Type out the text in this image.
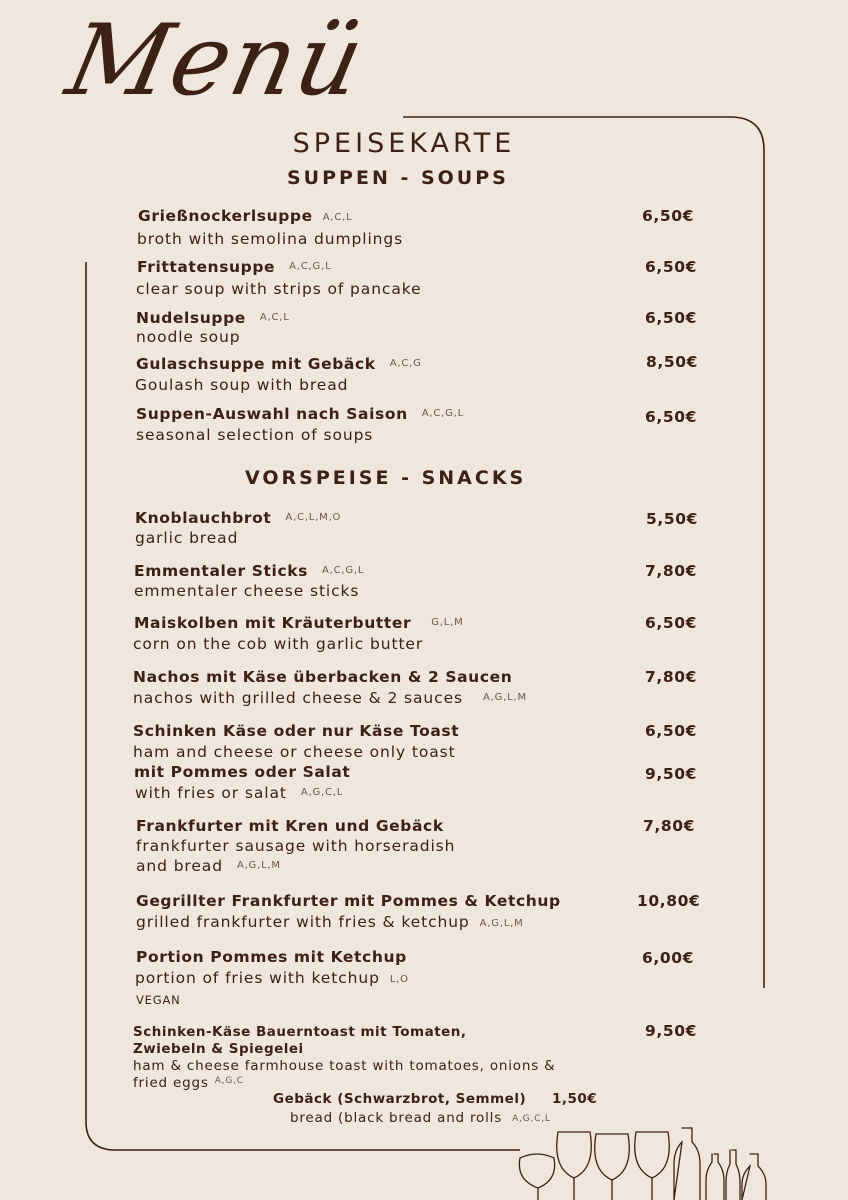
Menü
SPEISEKARTE
SUPPEN - SOUPS
Grießnockerlsuppe A,C,L
broth with semolina dumplings
6,50€
Frittatensuppe A,C,G,L
clear soup with strips of pancake
6,50€
Nudelsuppe A,C,L
noodle soup
6,50€
Gulaschsuppe mit Gebäck A,C,G
Goulash soup with bread
8,50€
Suppen-Auswahl nach Saison A,C,G,L
seasonal selection of soups
6,50€
VORSPEISE - SNACKS
Knoblauchbrot A,C,L,M,O
garlic bread
5,50€
Emmentaler Sticks A,C,G,L
emmentaler cheese sticks
7,80€
Maiskolben mit Kräuterbutter G,L,M
corn on the cob with garlic butter
6,50€
Nachos mit Käse überbacken & 2 Saucen
nachos with grilled cheese & 2 sauces A,G,L,M
7,80€
Schinken Käse oder nur Käse Toast
ham and cheese or cheese only toast
6,50€
mit Pommes oder Salat
with fries or salat A,G,C,L
9,50€
Frankfurter mit Kren und Gebäck
frankfurter sausage with horseradish
and bread A,G,L,M
7,80€
Gegrillter Frankfurter mit Pommes & Ketchup
grilled frankfurter with fries & ketchup A,G,L,M
10,80€
Portion Pommes mit Ketchup
portion of fries with ketchup L,O
VEGAN
6,00€
Schinken-Käse Bauerntoast mit Tomaten,
Zwiebeln & Spiegelei
ham & cheese farmhouse toast with tomatoes, onions &
fried eggs $^{A,G,C}$
9,50€
Gebäck (Schwarzbrot, Semmel) 1,50€
bread (black bread and rolls A,G,C,L
